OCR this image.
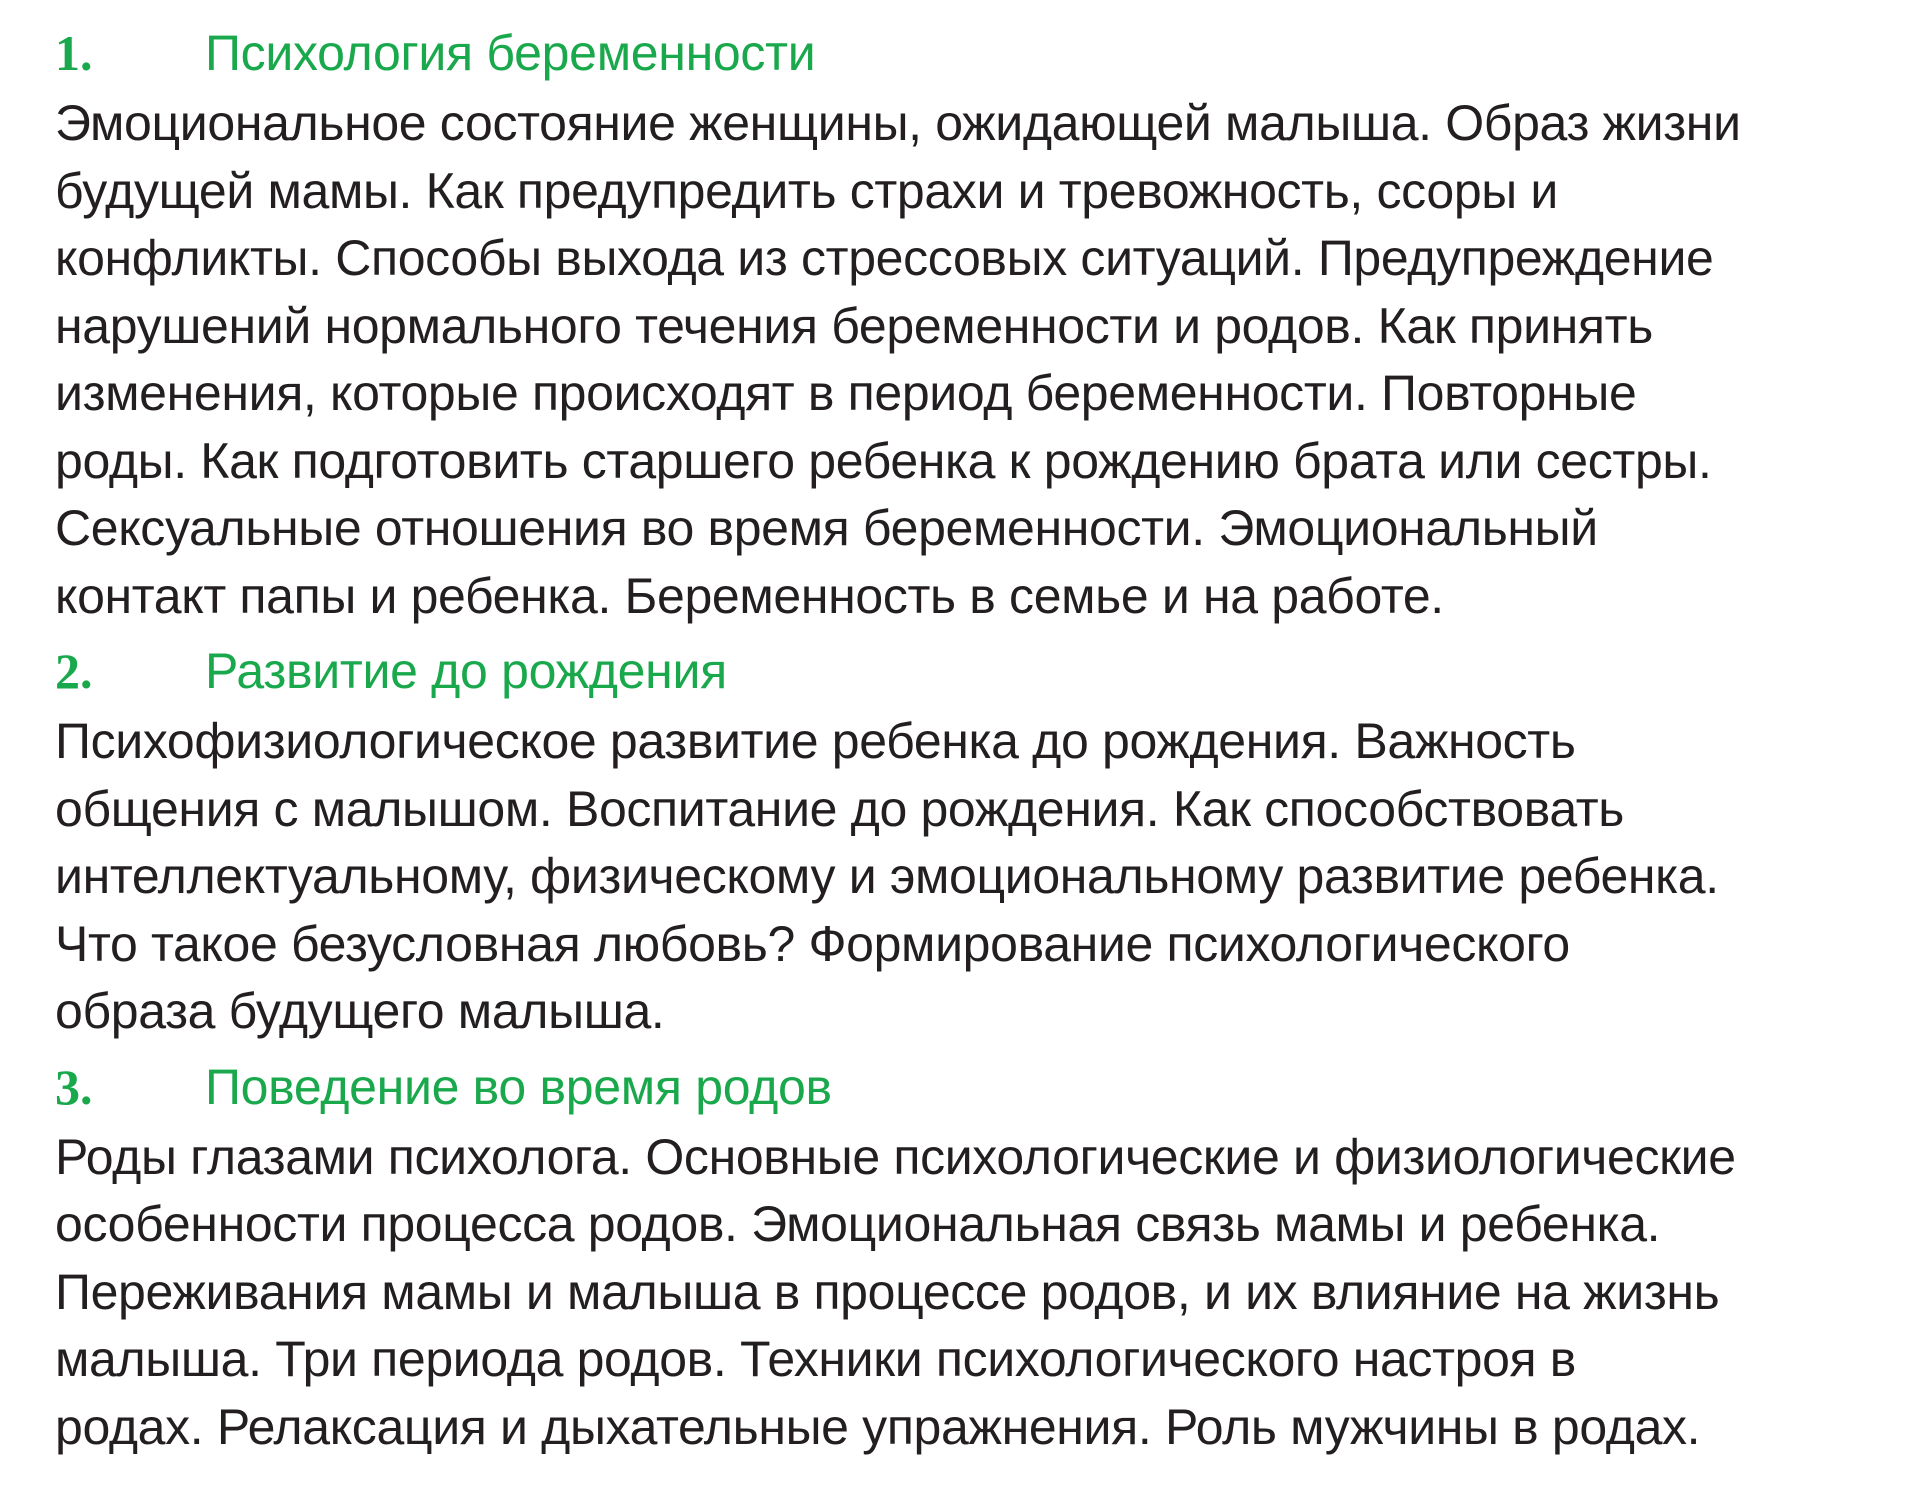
1.	Психология беременности
Эмоциональное состояние женщины, ожидающей малыша. Образ жизни
будущей мамы. Как предупредить страхи и тревожность, ссоры и
конфликты. Способы выхода из стрессовых ситуаций. Предупреждение
нарушений нормального течения беременности и родов. Как принять
изменения, которые происходят в период беременности. Повторные
роды. Как подготовить старшего ребенка к рождению брата или сестры.
Сексуальные отношения во время беременности. Эмоциональный
контакт папы и ребенка. Беременность в семье и на работе.
2.	Развитие до рождения
Психофизиологическое развитие ребенка до рождения. Важность
общения с малышом. Воспитание до рождения. Как способствовать
интеллектуальному, физическому и эмоциональному развитие ребенка.
Что такое безусловная любовь? Формирование психологического
образа будущего малыша.
3.	Поведение во время родов
Роды глазами психолога. Основные психологические и физиологические
особенности процесса родов. Эмоциональная связь мамы и ребенка.
Переживания мамы и малыша в процессе родов, и их влияние на жизнь
малыша. Три периода родов. Техники психологического настроя в
родах. Релаксация и дыхательные упражнения. Роль мужчины в родах.
